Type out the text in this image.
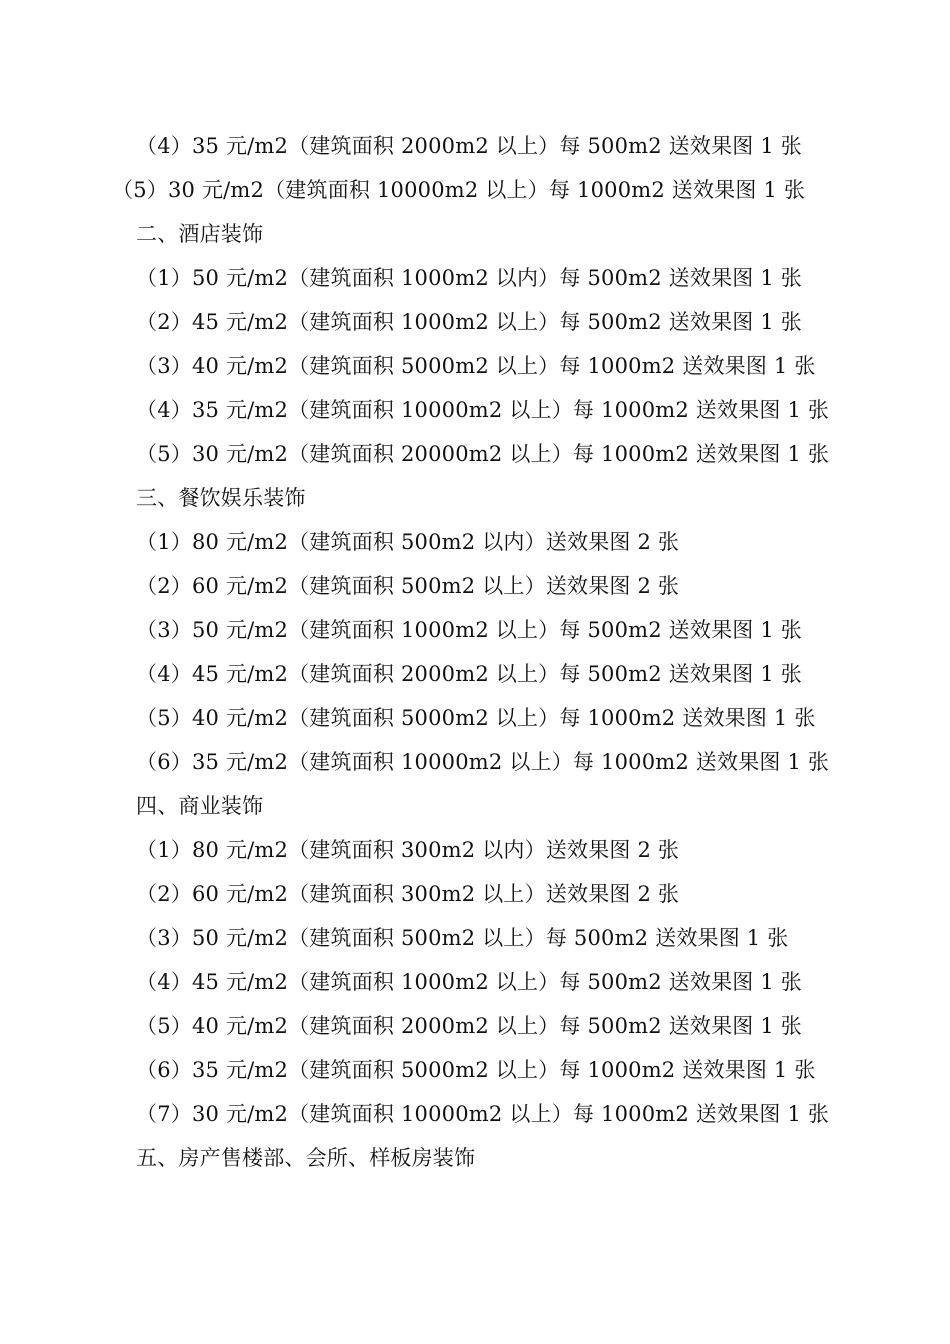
（4）35 元/m2（建筑面积 2000m2 以上）每 500m2 送效果图 1 张
（5）30 元/m2（建筑面积 10000m2 以上）每 1000m2 送效果图 1 张
二、酒店装饰
（1）50 元/m2（建筑面积 1000m2 以内）每 500m2 送效果图 1 张
（2）45 元/m2（建筑面积 1000m2 以上）每 500m2 送效果图 1 张
（3）40 元/m2（建筑面积 5000m2 以上）每 1000m2 送效果图 1 张
（4）35 元/m2（建筑面积 10000m2 以上）每 1000m2 送效果图 1 张
（5）30 元/m2（建筑面积 20000m2 以上）每 1000m2 送效果图 1 张
三、餐饮娱乐装饰
（1）80 元/m2（建筑面积 500m2 以内）送效果图 2 张
（2）60 元/m2（建筑面积 500m2 以上）送效果图 2 张
（3）50 元/m2（建筑面积 1000m2 以上）每 500m2 送效果图 1 张
（4）45 元/m2（建筑面积 2000m2 以上）每 500m2 送效果图 1 张
（5）40 元/m2（建筑面积 5000m2 以上）每 1000m2 送效果图 1 张
（6）35 元/m2（建筑面积 10000m2 以上）每 1000m2 送效果图 1 张
四、商业装饰
（1）80 元/m2（建筑面积 300m2 以内）送效果图 2 张
（2）60 元/m2（建筑面积 300m2 以上）送效果图 2 张
（3）50 元/m2（建筑面积 500m2 以上）每 500m2 送效果图 1 张
（4）45 元/m2（建筑面积 1000m2 以上）每 500m2 送效果图 1 张
（5）40 元/m2（建筑面积 2000m2 以上）每 500m2 送效果图 1 张
（6）35 元/m2（建筑面积 5000m2 以上）每 1000m2 送效果图 1 张
（7）30 元/m2（建筑面积 10000m2 以上）每 1000m2 送效果图 1 张
五、房产售楼部、会所、样板房装饰
